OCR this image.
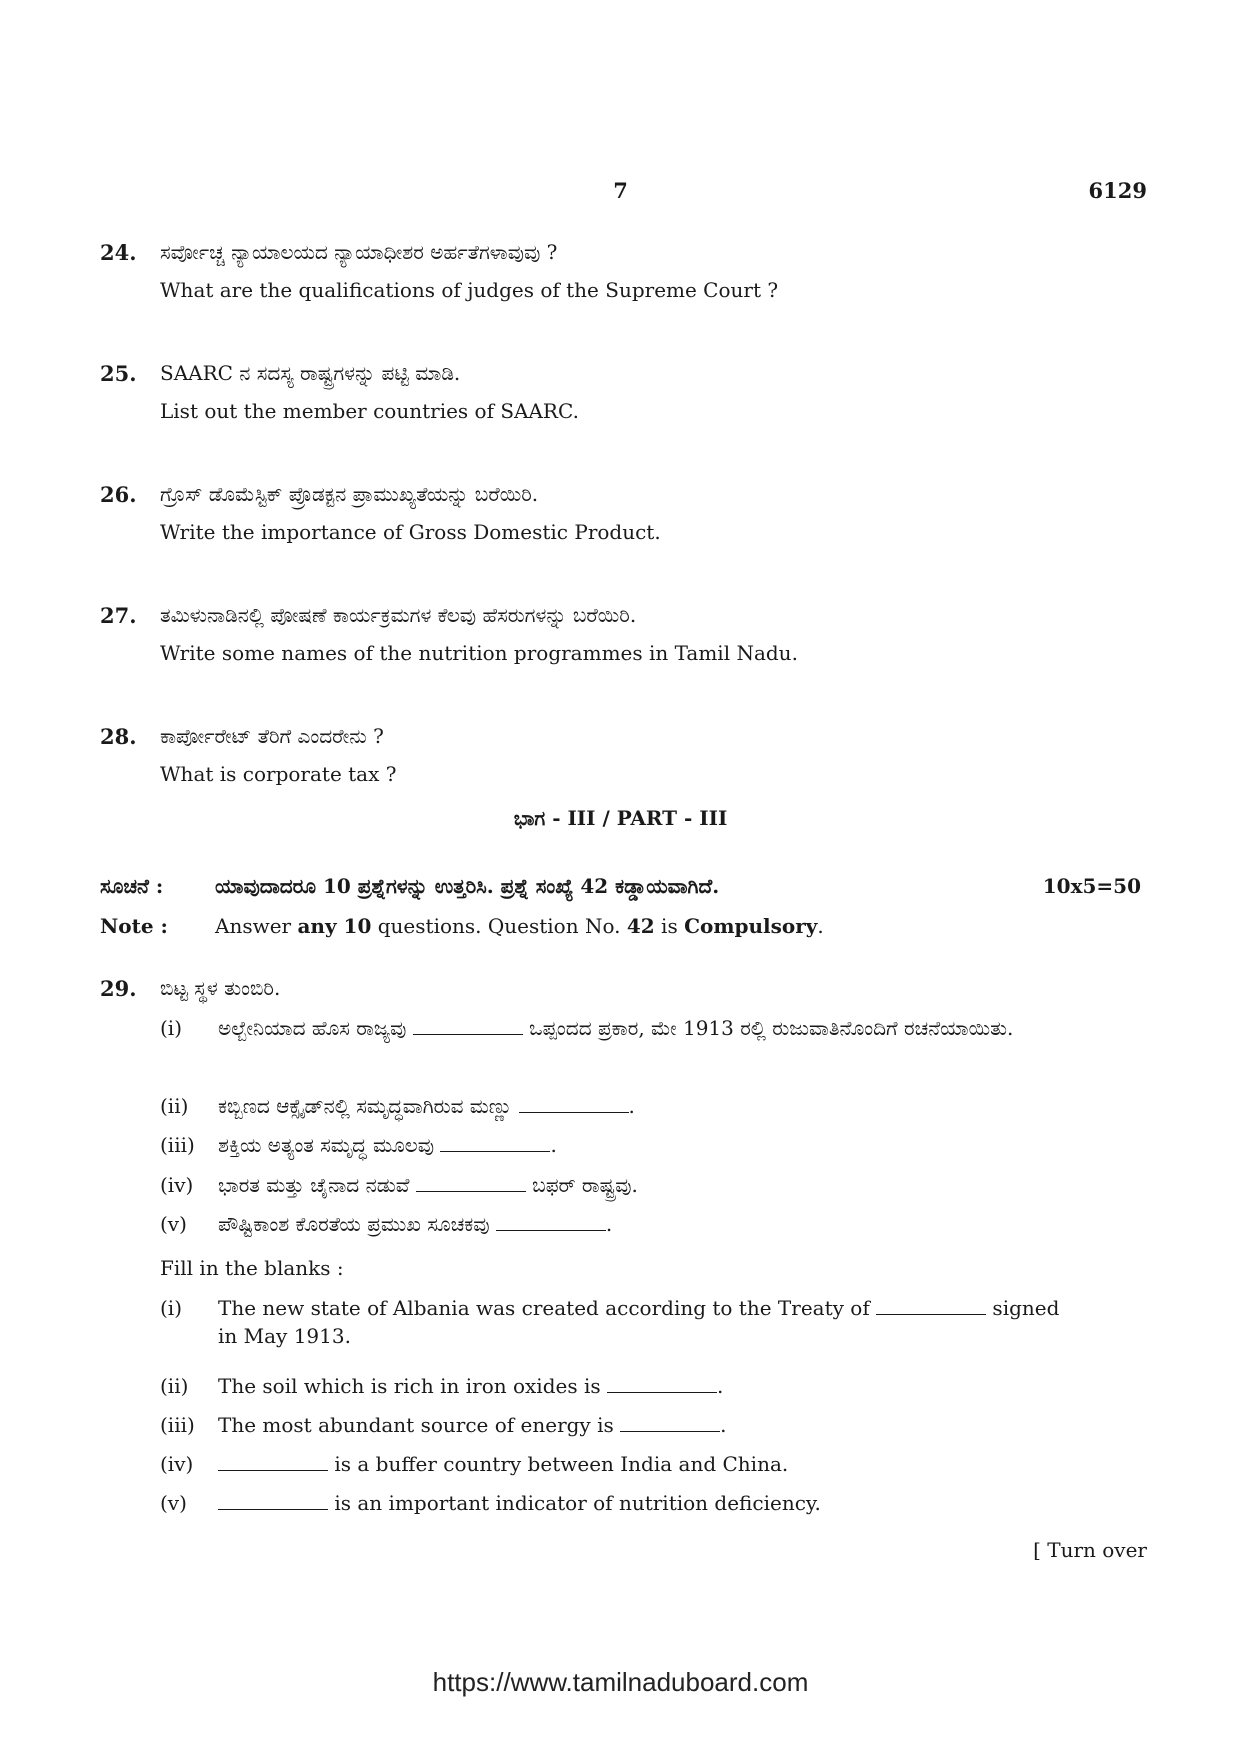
7	6129
24. ಸರ್ವೋಚ್ಚ ನ್ಯಾಯಾಲಯದ ನ್ಯಾಯಾಧೀಶರ ಅರ್ಹತೆಗಳಾವುವು ?
What are the qualifications of judges of the Supreme Court ?
25. SAARC ನ ಸದಸ್ಯ ರಾಷ್ಟ್ರಗಳನ್ನು ಪಟ್ಟಿ ಮಾಡಿ.
List out the member countries of SAARC.
26. ಗ್ರೊಸ್ ಡೊಮೆಸ್ಟಿಕ್ ಪ್ರೊಡಕ್ಟನ ಪ್ರಾಮುಖ್ಯತೆಯನ್ನು ಬರೆಯಿರಿ.
Write the importance of Gross Domestic Product.
27. ತಮಿಳುನಾಡಿನಲ್ಲಿ ಪೋಷಣೆ ಕಾರ್ಯಕ್ರಮಗಳ ಕೆಲವು ಹೆಸರುಗಳನ್ನು ಬರೆಯಿರಿ.
Write some names of the nutrition programmes in Tamil Nadu.
28. ಕಾರ್ಪೋರೇಟ್ ತೆರಿಗೆ ಎಂದರೇನು ?
What is corporate tax ?
ಭಾಗ - III / PART - III
ಸೂಚನೆ :	ಯಾವುದಾದರೂ 10 ಪ್ರಶ್ನೆಗಳನ್ನು ಉತ್ತರಿಸಿ. ಪ್ರಶ್ನೆ ಸಂಖ್ಯೆ 42 ಕಡ್ಡಾಯವಾಗಿದೆ.	10x5=50
Note : Answer any 10 questions. Question No. 42 is Compulsory.
29. ಬಿಟ್ಟ ಸ್ಥಳ ತುಂಬಿರಿ.
(i) ಅಲ್ಬೇನಿಯಾದ ಹೊಸ ರಾಜ್ಯವು	ಒಪ್ಪಂದದ ಪ್ರಕಾರ, ಮೇ 1913 ರಲ್ಲಿ ರುಜುವಾತಿನೊಂದಿಗೆ ರಚನೆಯಾಯಿತು.
(ii) ಕಬ್ಬಿಣದ ಆಕ್ಸೈಡ್‌ನಲ್ಲಿ ಸಮೃದ್ಧವಾಗಿರುವ ಮಣ್ಣು	.
(iii) ಶಕ್ತಿಯ ಅತ್ಯಂತ ಸಮೃದ್ಧ ಮೂಲವು	.
(iv) ಭಾರತ ಮತ್ತು ಚೈನಾದ ನಡುವೆ	ಬಫರ್ ರಾಷ್ಟ್ರವು.
(v) ಪೌಷ್ಟಿಕಾಂಶ ಕೊರತೆಯ ಪ್ರಮುಖ ಸೂಚಕವು	.
Fill in the blanks :
(i) The new state of Albania was created according to the Treaty of	signed in May 1913.
(ii) The soil which is rich in iron oxides is	.
(iii) The most abundant source of energy is	.
(iv)	is a buffer country between India and China.
(v)	is an important indicator of nutrition deficiency.
[ Turn over
https://www.tamilnaduboard.com
